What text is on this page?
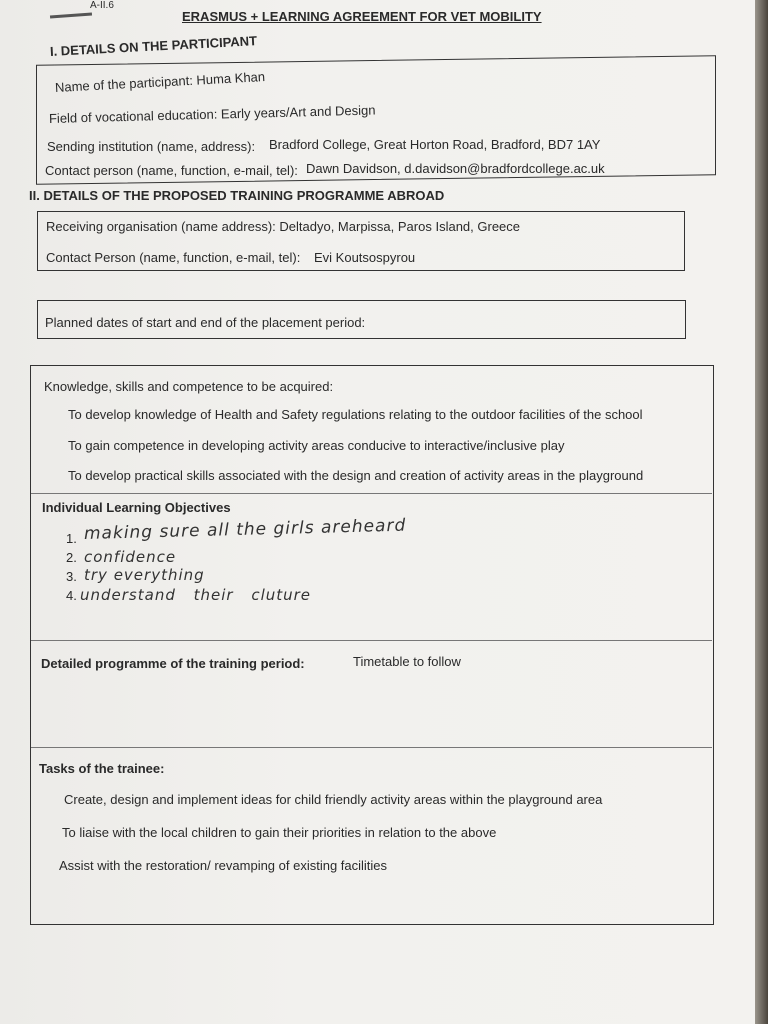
A-II.6
ERASMUS + LEARNING AGREEMENT FOR VET MOBILITY
I. DETAILS ON THE PARTICIPANT
Name of the participant: Huma Khan
Field of vocational education: Early years/Art and Design
Sending institution (name, address): Bradford College, Great Horton Road, Bradford, BD7 1AY
Contact person (name, function, e-mail, tel): Dawn Davidson, d.davidson@bradfordcollege.ac.uk
II. DETAILS OF THE PROPOSED TRAINING PROGRAMME ABROAD
Receiving organisation (name address): Deltadyo, Marpissa, Paros Island, Greece
Contact Person (name, function, e-mail, tel): Evi Koutsospyrou
Planned dates of start and end of the placement period:
Knowledge, skills and competence to be acquired:
To develop knowledge of Health and Safety regulations relating to the outdoor facilities of the school
To gain competence in developing activity areas conducive to interactive/inclusive play
To develop practical skills associated with the design and creation of activity areas in the playground
Individual Learning Objectives
1. making sure all the girls areheard
2. confidence
3. try everything
4. understand their cluture
Detailed programme of the training period:	Timetable to follow
Tasks of the trainee:
Create, design and implement ideas for child friendly activity areas within the playground area
To liaise with the local children to gain their priorities in relation to the above
Assist with the restoration/ revamping of existing facilities
